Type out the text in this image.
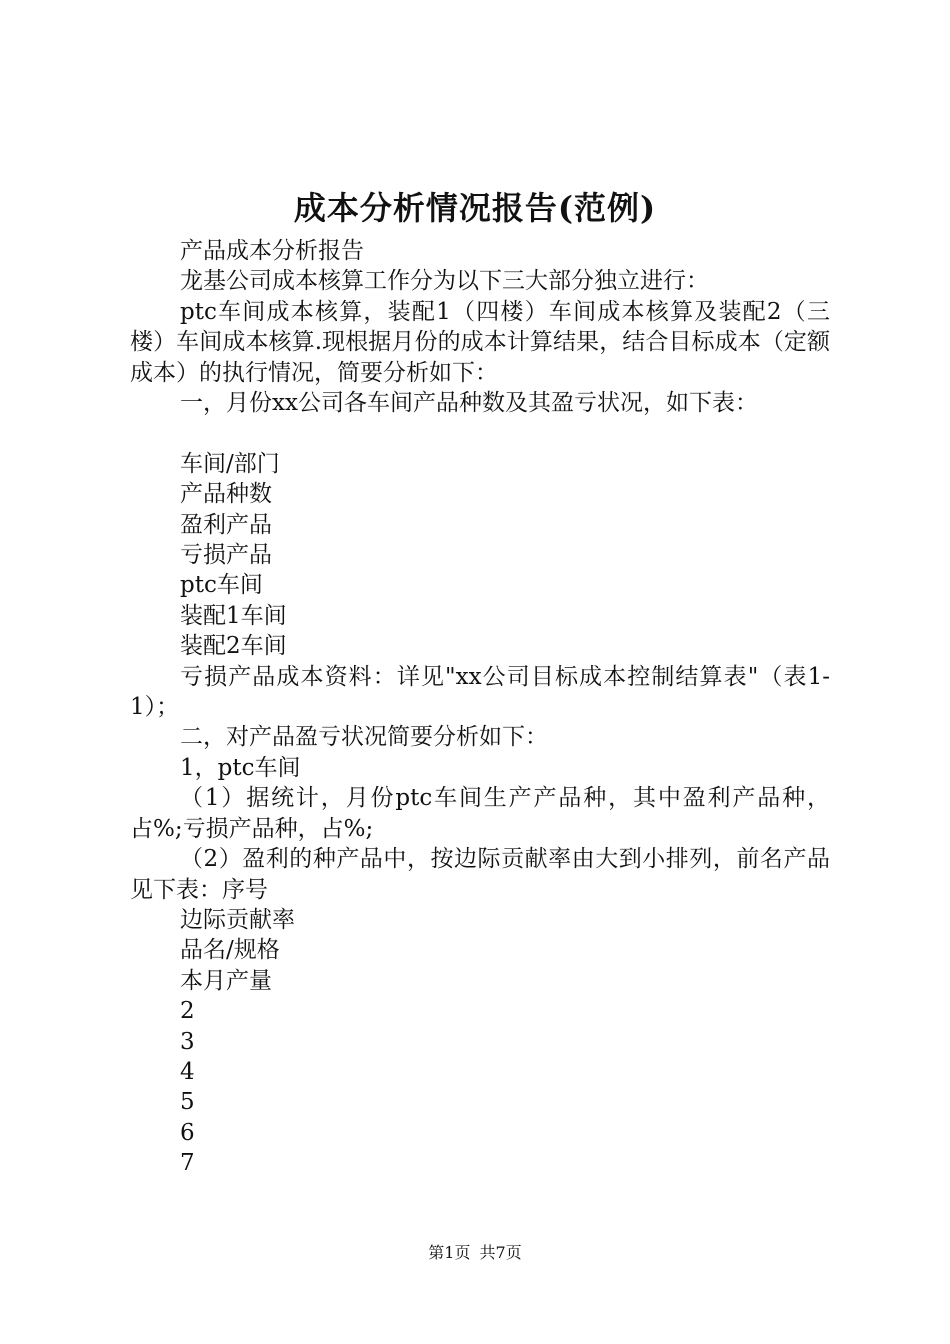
成本分析情况报告(范例)

产品成本分析报告

龙基公司成本核算工作分为以下三大部分独立进行：

ptc车间成本核算，装配1（四楼）车间成本核算及装配2（三楼）车间成本核算.现根据月份的成本计算结果，结合目标成本（定额成本）的执行情况，简要分析如下：

一，月份xx公司各车间产品种数及其盈亏状况，如下表：

车间/部门

产品种数

盈利产品

亏损产品

ptc车间

装配1车间

装配2车间

亏损产品成本资料：详见"xx公司目标成本控制结算表"（表1-1）；

二，对产品盈亏状况简要分析如下：

1，ptc车间

（1）据统计，月份ptc车间生产产品种，其中盈利产品种，占%;亏损产品种，占%;

（2）盈利的种产品中，按边际贡献率由大到小排列，前名产品见下表：序号

边际贡献率

品名/规格

本月产量

2

3

4

5

6

7

第1页 共7页
